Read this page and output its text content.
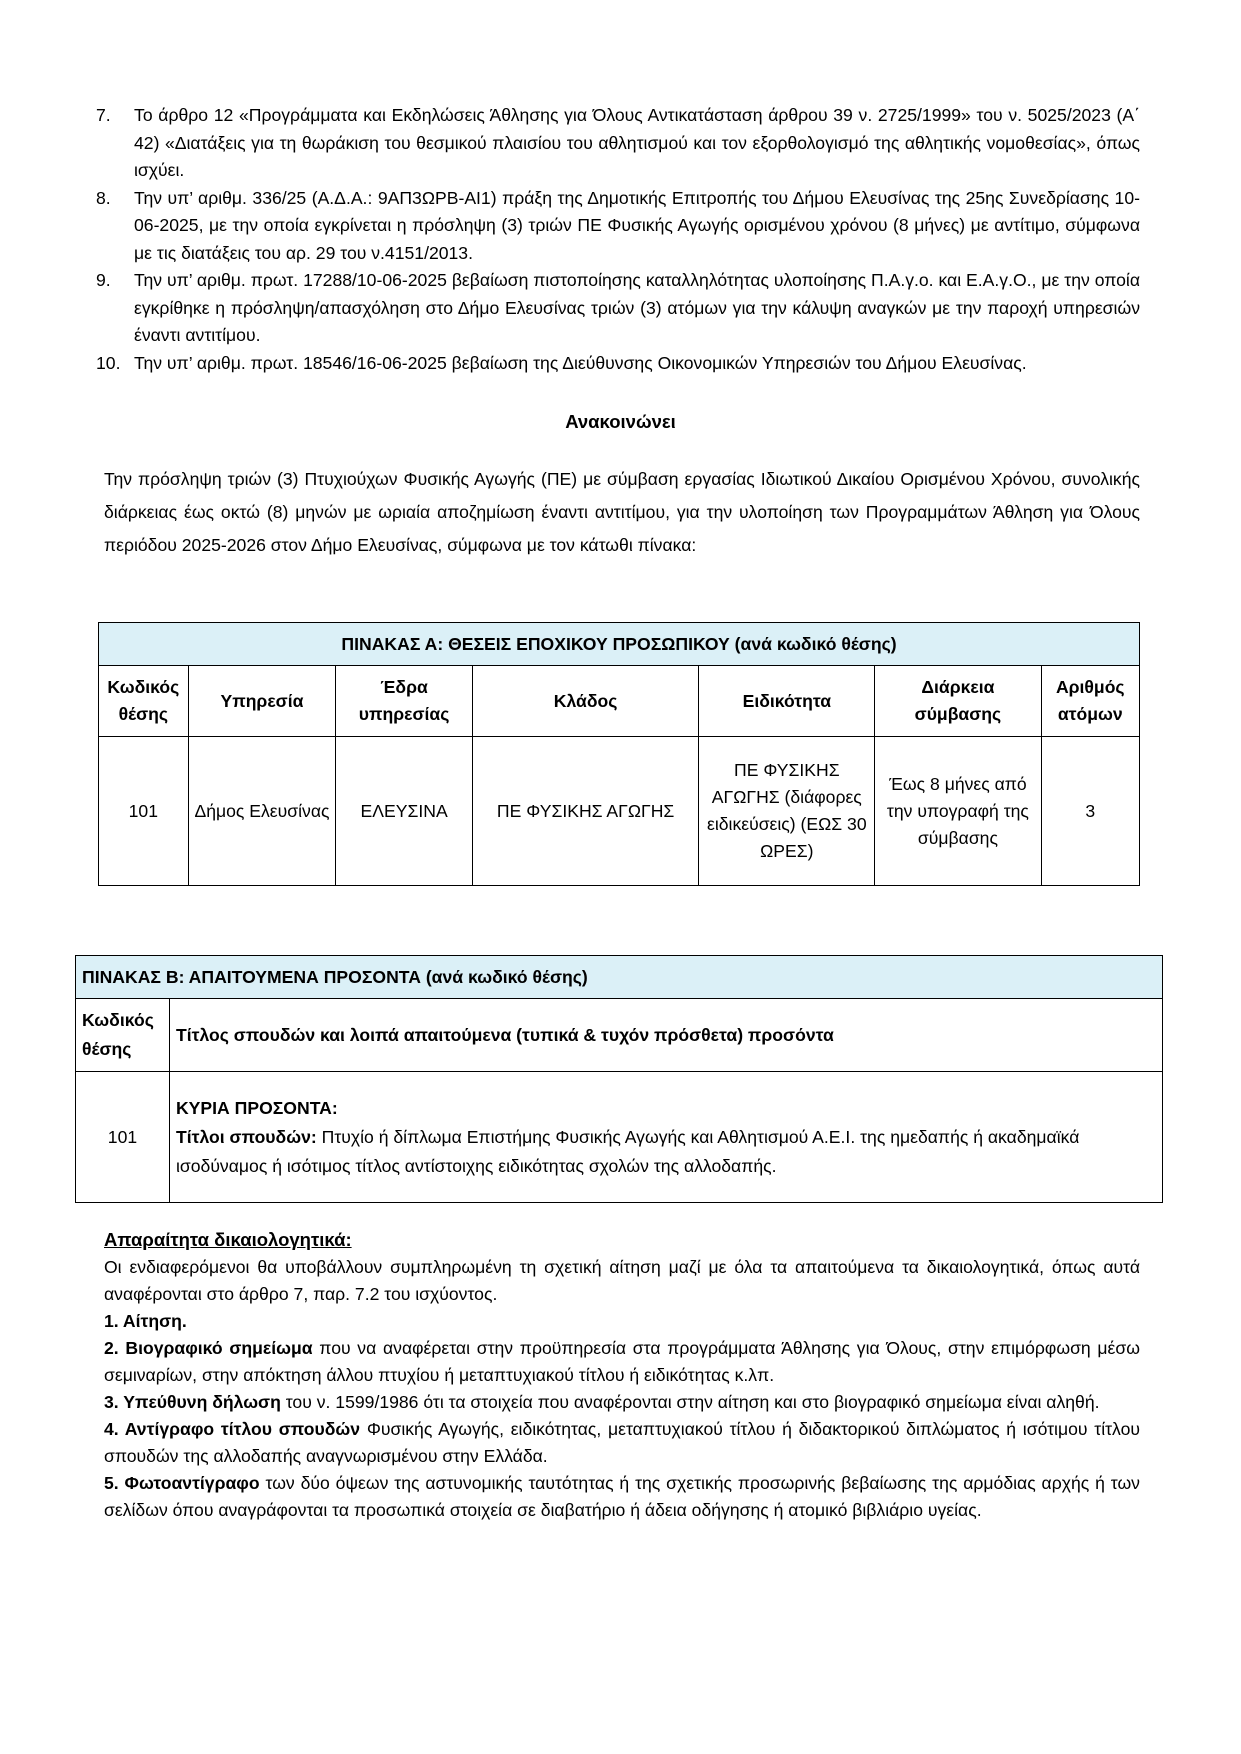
7. Το άρθρο 12 «Προγράμματα και Εκδηλώσεις Άθλησης για Όλους Αντικατάσταση άρθρου 39 ν. 2725/1999» του ν. 5025/2023 (Α΄ 42) «Διατάξεις για τη θωράκιση του θεσμικού πλαισίου του αθλητισμού και τον εξορθολογισμό της αθλητικής νομοθεσίας», όπως ισχύει.
8. Την υπ’ αριθμ. 336/25 (Α.Δ.Α.: 9ΑΠ3ΩΡΒ-ΑΙ1) πράξη της Δημοτικής Επιτροπής του Δήμου Ελευσίνας της 25ης Συνεδρίασης 10-06-2025, με την οποία εγκρίνεται η πρόσληψη (3) τριών ΠΕ Φυσικής Αγωγής ορισμένου χρόνου (8 μήνες) με αντίτιμο, σύμφωνα με τις διατάξεις του αρ. 29 του ν.4151/2013.
9. Την υπ’ αριθμ. πρωτ. 17288/10-06-2025 βεβαίωση πιστοποίησης καταλληλότητας υλοποίησης Π.Α.γ.ο. και Ε.Α.γ.Ο., με την οποία εγκρίθηκε η πρόσληψη/απασχόληση στο Δήμο Ελευσίνας τριών (3) ατόμων για την κάλυψη αναγκών με την παροχή υπηρεσιών έναντι αντιτίμου.
10. Την υπ’ αριθμ. πρωτ. 18546/16-06-2025 βεβαίωση της Διεύθυνσης Οικονομικών Υπηρεσιών του Δήμου Ελευσίνας.
Ανακοινώνει
Την πρόσληψη τριών (3) Πτυχιούχων Φυσικής Αγωγής (ΠΕ) με σύμβαση εργασίας Ιδιωτικού Δικαίου Ορισμένου Χρόνου, συνολικής διάρκειας έως οκτώ (8) μηνών με ωριαία αποζημίωση έναντι αντιτίμου, για την υλοποίηση των Προγραμμάτων Άθληση για Όλους περιόδου 2025-2026 στον Δήμο Ελευσίνας, σύμφωνα με τον κάτωθι πίνακα:
ΠΙΝΑΚΑΣ Α: ΘΕΣΕΙΣ ΕΠΟΧΙΚΟΥ ΠΡΟΣΩΠΙΚΟΥ (ανά κωδικό θέσης)						
Κωδικός θέσης	Υπηρεσία	Έδρα υπηρεσίας	Κλάδος	Ειδικότητα	Διάρκεια σύμβασης	Αριθμός ατόμων
101	Δήμος Ελευσίνας	ΕΛΕΥΣΙΝΑ	ΠΕ ΦΥΣΙΚΗΣ ΑΓΩΓΗΣ	ΠΕ ΦΥΣΙΚΗΣ ΑΓΩΓΗΣ (διάφορες ειδικεύσεις) (ΕΩΣ 30 ΩΡΕΣ)	Έως 8 μήνες από την υπογραφή της σύμβασης	3
ΠΙΝΑΚΑΣ Β: ΑΠΑΙΤΟΥΜΕΝΑ ΠΡΟΣΟΝΤΑ (ανά κωδικό θέσης)	
Κωδικός θέσης	Τίτλος σπουδών και λοιπά απαιτούμενα (τυπικά & τυχόν πρόσθετα) προσόντα
101	ΚΥΡΙΑ ΠΡΟΣΟΝΤΑ:
Τίτλοι σπουδών: Πτυχίο ή δίπλωμα Επιστήμης Φυσικής Αγωγής και Αθλητισμού Α.Ε.Ι. της ημεδαπής ή ακαδημαϊκά ισοδύναμος ή ισότιμος τίτλος αντίστοιχης ειδικότητας σχολών της αλλοδαπής.
Απαραίτητα δικαιολογητικά:

Οι ενδιαφερόμενοι θα υποβάλλουν συμπληρωμένη τη σχετική αίτηση μαζί με όλα τα απαιτούμενα τα δικαιολογητικά, όπως αυτά αναφέρονται στο άρθρο 7, παρ. 7.2 του ισχύοντος.

1. Αίτηση.

2. Βιογραφικό σημείωμα που να αναφέρεται στην προϋπηρεσία στα προγράμματα Άθλησης για Όλους, στην επιμόρφωση μέσω σεμιναρίων, στην απόκτηση άλλου πτυχίου ή μεταπτυχιακού τίτλου ή ειδικότητας κ.λπ.

3. Υπεύθυνη δήλωση του ν. 1599/1986 ότι τα στοιχεία που αναφέρονται στην αίτηση και στο βιογραφικό σημείωμα είναι αληθή.

4. Αντίγραφο τίτλου σπουδών Φυσικής Αγωγής, ειδικότητας, μεταπτυχιακού τίτλου ή διδακτορικού διπλώματος ή ισότιμου τίτλου σπουδών της αλλοδαπής αναγνωρισμένου στην Ελλάδα.

5. Φωτοαντίγραφο των δύο όψεων της αστυνομικής ταυτότητας ή της σχετικής προσωρινής βεβαίωσης της αρμόδιας αρχής ή των σελίδων όπου αναγράφονται τα προσωπικά στοιχεία σε διαβατήριο ή άδεια οδήγησης ή ατομικό βιβλιάριο υγείας.
